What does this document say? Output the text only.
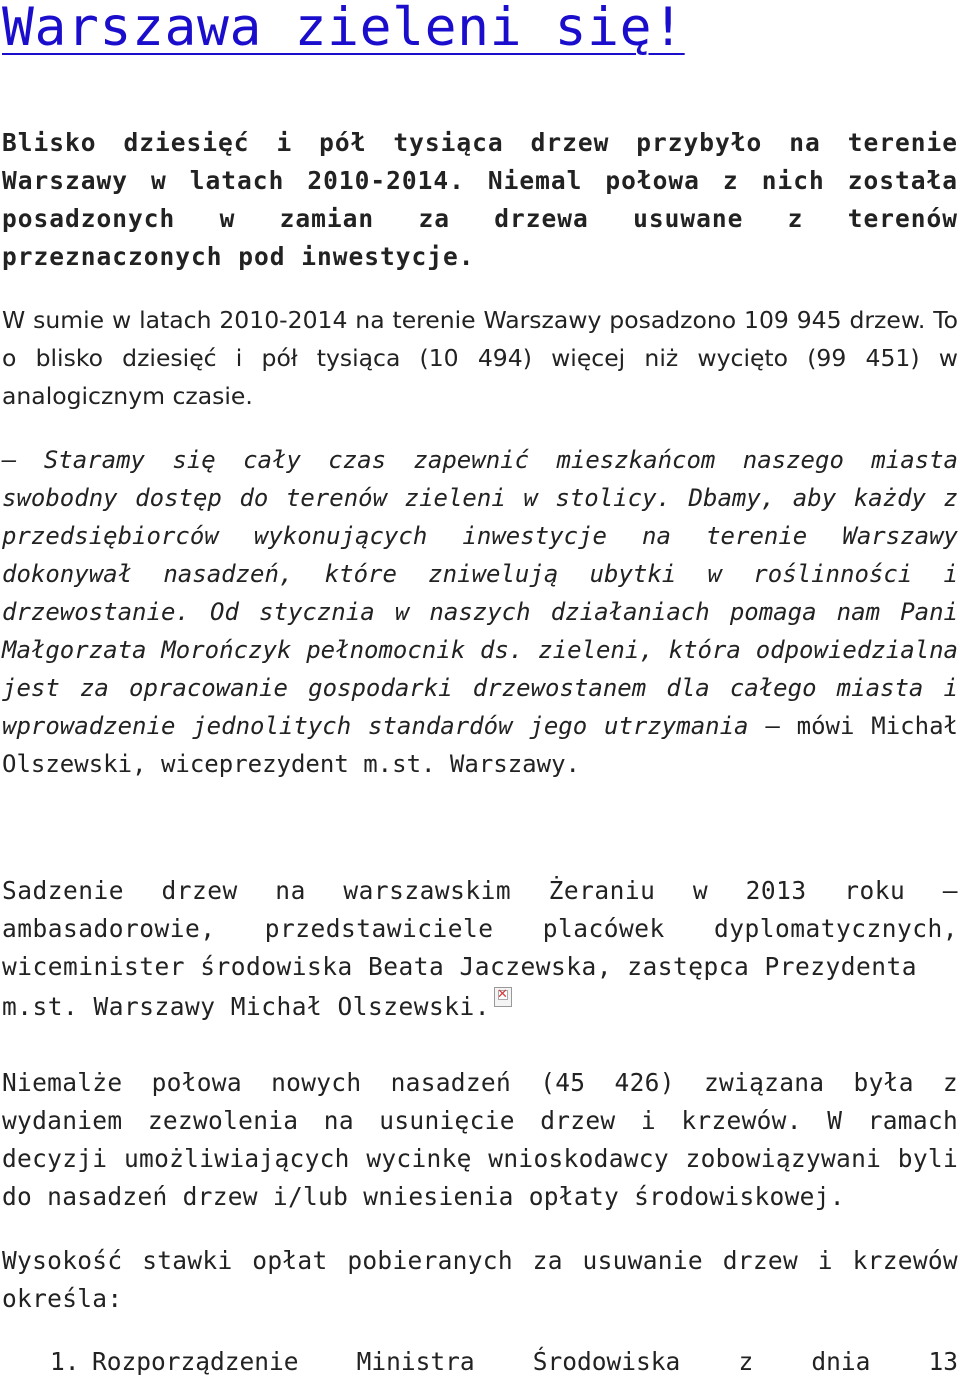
Warszawa zieleni się!

Blisko dziesięć i pół tysiąca drzew przybyło na terenie
Warszawy w latach 2010-2014. Niemal połowa z nich została
posadzonych w zamian za drzewa usuwane z terenów
przeznaczonych pod inwestycje.

W sumie w latach 2010-2014 na terenie Warszawy posadzono 109 945 drzew. To o blisko dziesięć i pół tysiąca (10 494) więcej niż wycięto (99 451) w analogicznym czasie.

– Staramy się cały czas zapewnić mieszkańcom naszego miasta swobodny dostęp do terenów zieleni w stolicy. Dbamy, aby każdy z przedsiębiorców wykonujących inwestycje na terenie Warszawy dokonywał nasadzeń, które zniwelują ubytki w roślinności i drzewostanie. Od stycznia w naszych działaniach pomaga nam Pani Małgorzata Morończyk pełnomocnik ds. zieleni, która odpowiedzialna jest za opracowanie gospodarki drzewostanem dla całego miasta i wprowadzenie jednolitych standardów jego utrzymania – mówi Michał Olszewski, wiceprezydent m.st. Warszawy.

Sadzenie drzew na warszawskim Żeraniu w 2013 roku – ambasadorowie, przedstawiciele placówek dyplomatycznych, wiceminister środowiska Beata Jaczewska, zastępca Prezydenta
m.st. Warszawy Michał Olszewski.✕

Niemalże połowa nowych nasadzeń (45 426) związana była z wydaniem zezwolenia na usunięcie drzew i krzewów. W ramach decyzji umożliwiających wycinkę wnioskodawcy zobowiązywani byli do nasadzeń drzew i/lub wniesienia opłaty środowiskowej.

Wysokość stawki opłat pobieranych za usuwanie drzew i krzewów określa:

1. Rozporządzenie Ministra Środowiska z dnia 13
